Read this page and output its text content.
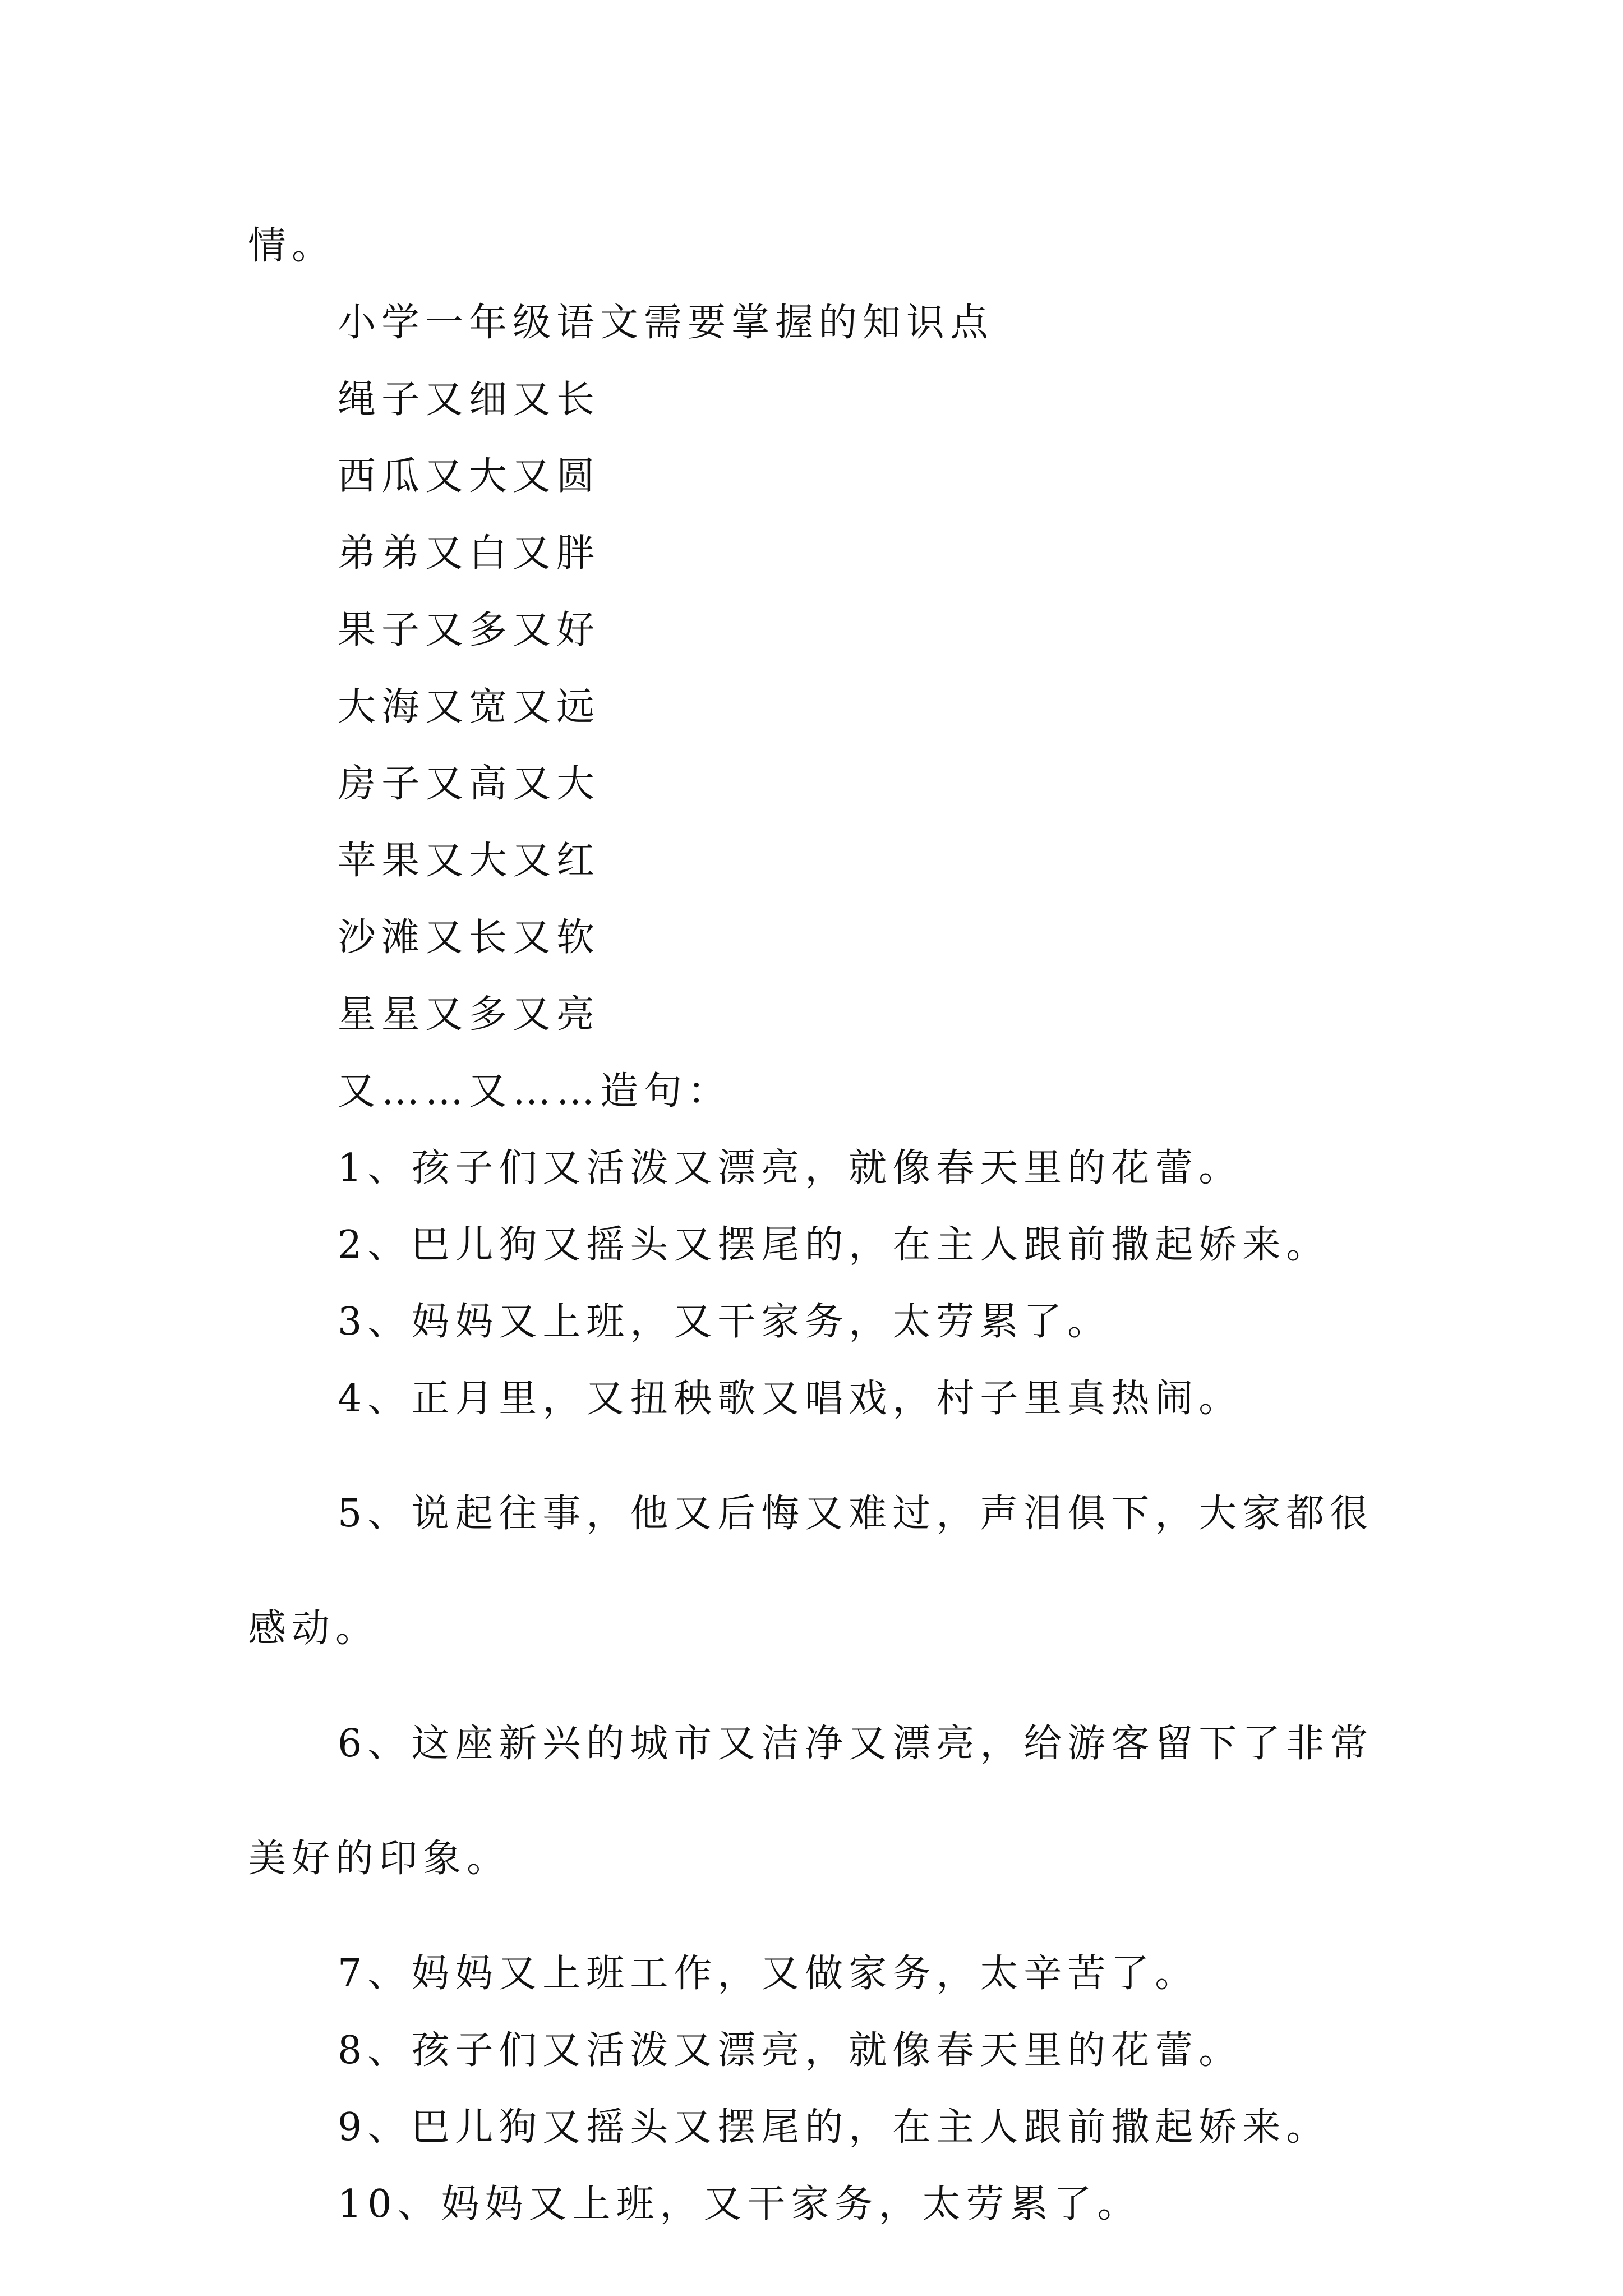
情。

小学一年级语文需要掌握的知识点

绳子又细又长

西瓜又大又圆

弟弟又白又胖

果子又多又好

大海又宽又远

房子又高又大

苹果又大又红

沙滩又长又软

星星又多又亮

又……又……造句：

1、孩子们又活泼又漂亮，就像春天里的花蕾。

2、巴儿狗又摇头又摆尾的，在主人跟前撒起娇来。

3、妈妈又上班，又干家务，太劳累了。

4、正月里，又扭秧歌又唱戏，村子里真热闹。

5、说起往事，他又后悔又难过，声泪俱下，大家都很

感动。

6、这座新兴的城市又洁净又漂亮，给游客留下了非常

美好的印象。

7、妈妈又上班工作，又做家务，太辛苦了。

8、孩子们又活泼又漂亮，就像春天里的花蕾。

9、巴儿狗又摇头又摆尾的，在主人跟前撒起娇来。

10、妈妈又上班，又干家务，太劳累了。
